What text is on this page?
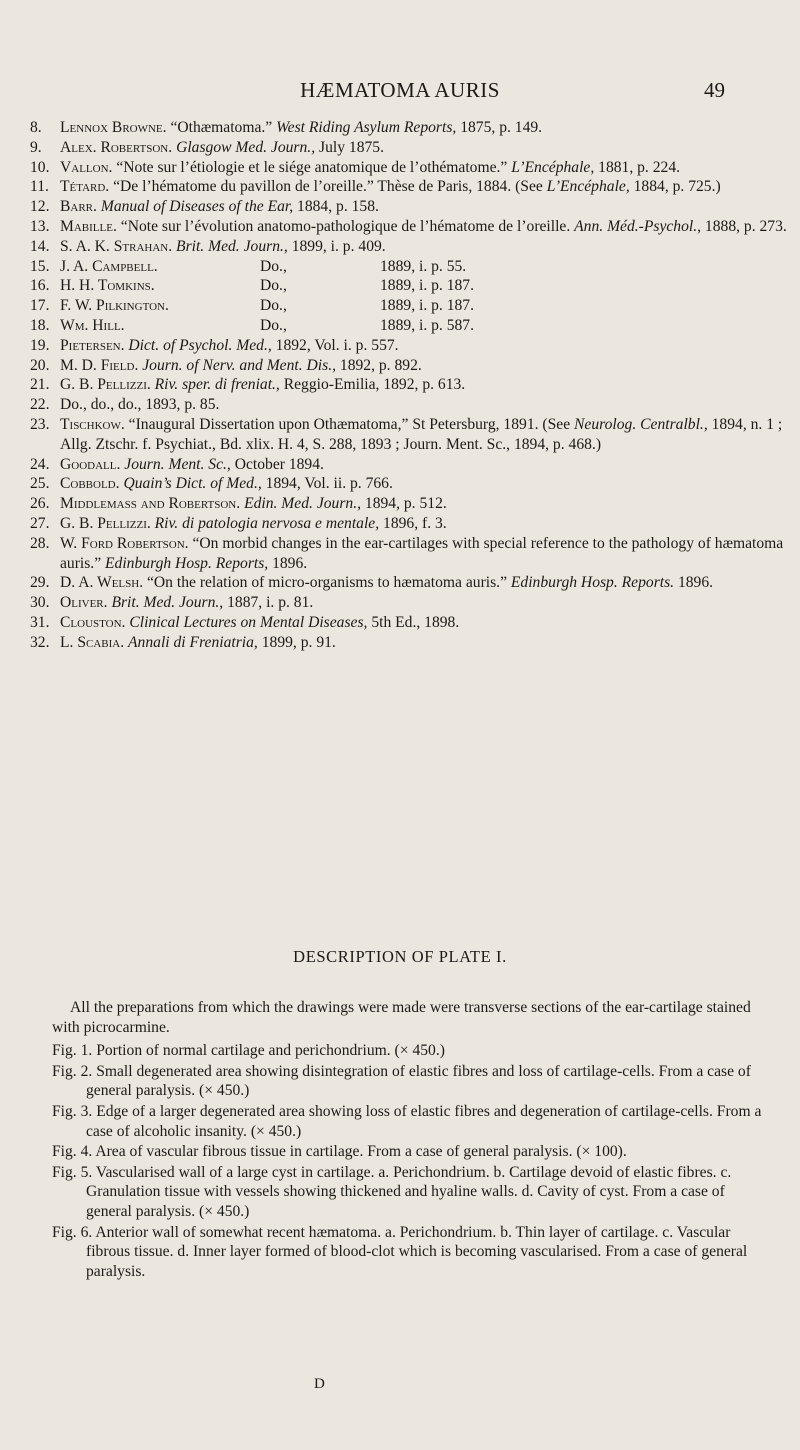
HÆMATOMA AURIS	49
8.	Lennox Browne. “Othæmatoma.” West Riding Asylum Reports, 1875, p. 149.
9.	Alex. Robertson. Glasgow Med. Journ., July 1875.
10. Vallon. “Note sur l’étiologie et le siége anatomique de l’othématome.” L’Encéphale, 1881, p. 224.
11. Tétard. “De l’hématome du pavillon de l’oreille.” Thèse de Paris, 1884. (See L’Encéphale, 1884, p. 725.)
12. Barr. Manual of Diseases of the Ear, 1884, p. 158.
13. Mabille. “Note sur l’évolution anatomo-pathologique de l’hématome de l’oreille. Ann. Méd.-Psychol., 1888, p. 273.
14. S. A. K. Strahan. Brit. Med. Journ., 1899, i. p. 409.
15. J. A. Campbell.	Do.,	1889, i. p. 55.
16. H. H. Tomkins.	Do.,	1889, i. p. 187.
17. F. W. Pilkington.	Do.,	1889, i. p. 187.
18. Wm. Hill.	Do.,	1889, i. p. 587.
19. Pietersen. Dict. of Psychol. Med., 1892, Vol. i. p. 557.
20. M. D. Field. Journ. of Nerv. and Ment. Dis., 1892, p. 892.
21. G. B. Pellizzi. Riv. sper. di freniat., Reggio-Emilia, 1892, p. 613.
22. Do., do., do., 1893, p. 85.
23. Tischkow. “Inaugural Dissertation upon Othæmatoma,” St Petersburg, 1891. (See Neurolog. Centralbl., 1894, n. 1 ; Allg. Ztschr. f. Psychiat., Bd. xlix. H. 4, S. 288, 1893 ; Journ. Ment. Sc., 1894, p. 468.)
24. Goodall. Journ. Ment. Sc., October 1894.
25. Cobbold. Quain’s Dict. of Med., 1894, Vol. ii. p. 766.
26. Middlemass and Robertson. Edin. Med. Journ., 1894, p. 512.
27. G. B. Pellizzi. Riv. di patologia nervosa e mentale, 1896, f. 3.
28. W. Ford Robertson. “On morbid changes in the ear-cartilages with special reference to the pathology of hæmatoma auris.” Edinburgh Hosp. Reports, 1896.
29. D. A. Welsh. “On the relation of micro-organisms to hæmatoma auris.” Edinburgh Hosp. Reports. 1896.
30. Oliver. Brit. Med. Journ., 1887, i. p. 81.
31. Clouston. Clinical Lectures on Mental Diseases, 5th Ed., 1898.
32. L. Scabia. Annali di Freniatria, 1899, p. 91.
DESCRIPTION OF PLATE I.

All the preparations from which the drawings were made were transverse sections of the ear-cartilage stained with picrocarmine.

Fig. 1. Portion of normal cartilage and perichondrium. (× 450.)

Fig. 2. Small degenerated area showing disintegration of elastic fibres and loss of cartilage-cells. From a case of general paralysis. (× 450.)

Fig. 3. Edge of a larger degenerated area showing loss of elastic fibres and degeneration of cartilage-cells. From a case of alcoholic insanity. (× 450.)

Fig. 4. Area of vascular fibrous tissue in cartilage. From a case of general paralysis. (× 100).

Fig. 5. Vascularised wall of a large cyst in cartilage. a. Perichondrium. b. Cartilage devoid of elastic fibres. c. Granulation tissue with vessels showing thickened and hyaline walls. d. Cavity of cyst. From a case of general paralysis. (× 450.)

Fig. 6. Anterior wall of somewhat recent hæmatoma. a. Perichondrium. b. Thin layer of cartilage. c. Vascular fibrous tissue. d. Inner layer formed of blood-clot which is becoming vascularised. From a case of general paralysis.

D
